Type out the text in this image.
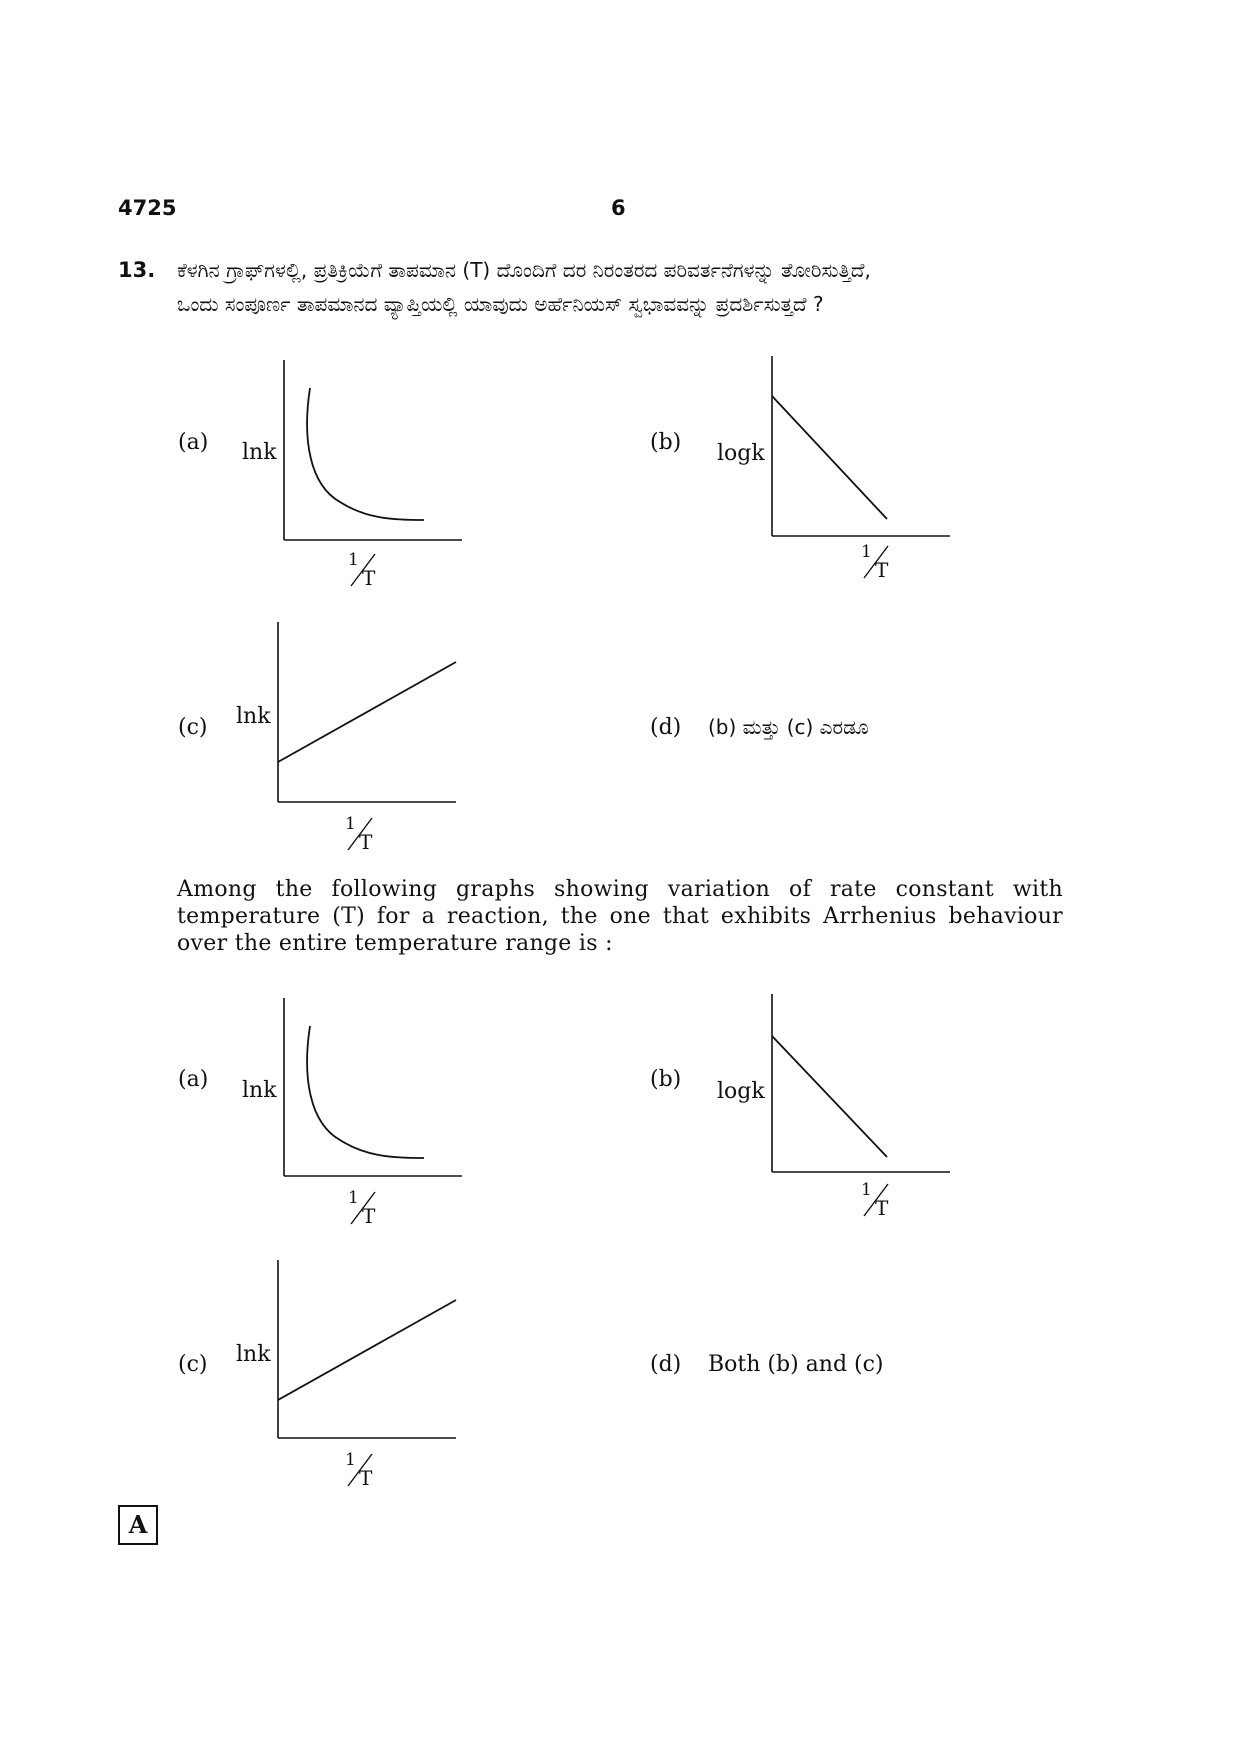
4725	6
13. ಕೆಳಗಿನ ಗ್ರಾಫ್‌ಗಳಲ್ಲಿ, ಪ್ರತಿಕ್ರಿಯೆಗೆ ತಾಪಮಾನ (T) ದೊಂದಿಗೆ ದರ ನಿರಂತರದ ಪರಿವರ್ತನೆಗಳನ್ನು ತೋರಿಸುತ್ತಿದೆ,
ಒಂದು ಸಂಪೂರ್ಣ ತಾಪಮಾನದ ವ್ಯಾಪ್ತಿಯಲ್ಲಿ ಯಾವುದು ಅರ್ಹೆನಿಯಸ್ ಸ್ವಭಾವವನ್ನು ಪ್ರದರ್ಶಿಸುತ್ತದೆ ?
(a) lnk
1
T
(b) logk
1
T
(c) lnk
1
T
(d) (b) ಮತ್ತು (c) ಎರಡೂ
Among the following graphs showing variation of rate constant with
temperature (T) for a reaction, the one that exhibits Arrhenius behaviour
over the entire temperature range is :
(a) lnk
1
T
(b) logk
1
T
(c) lnk
1
T
(d) Both (b) and (c)
A
